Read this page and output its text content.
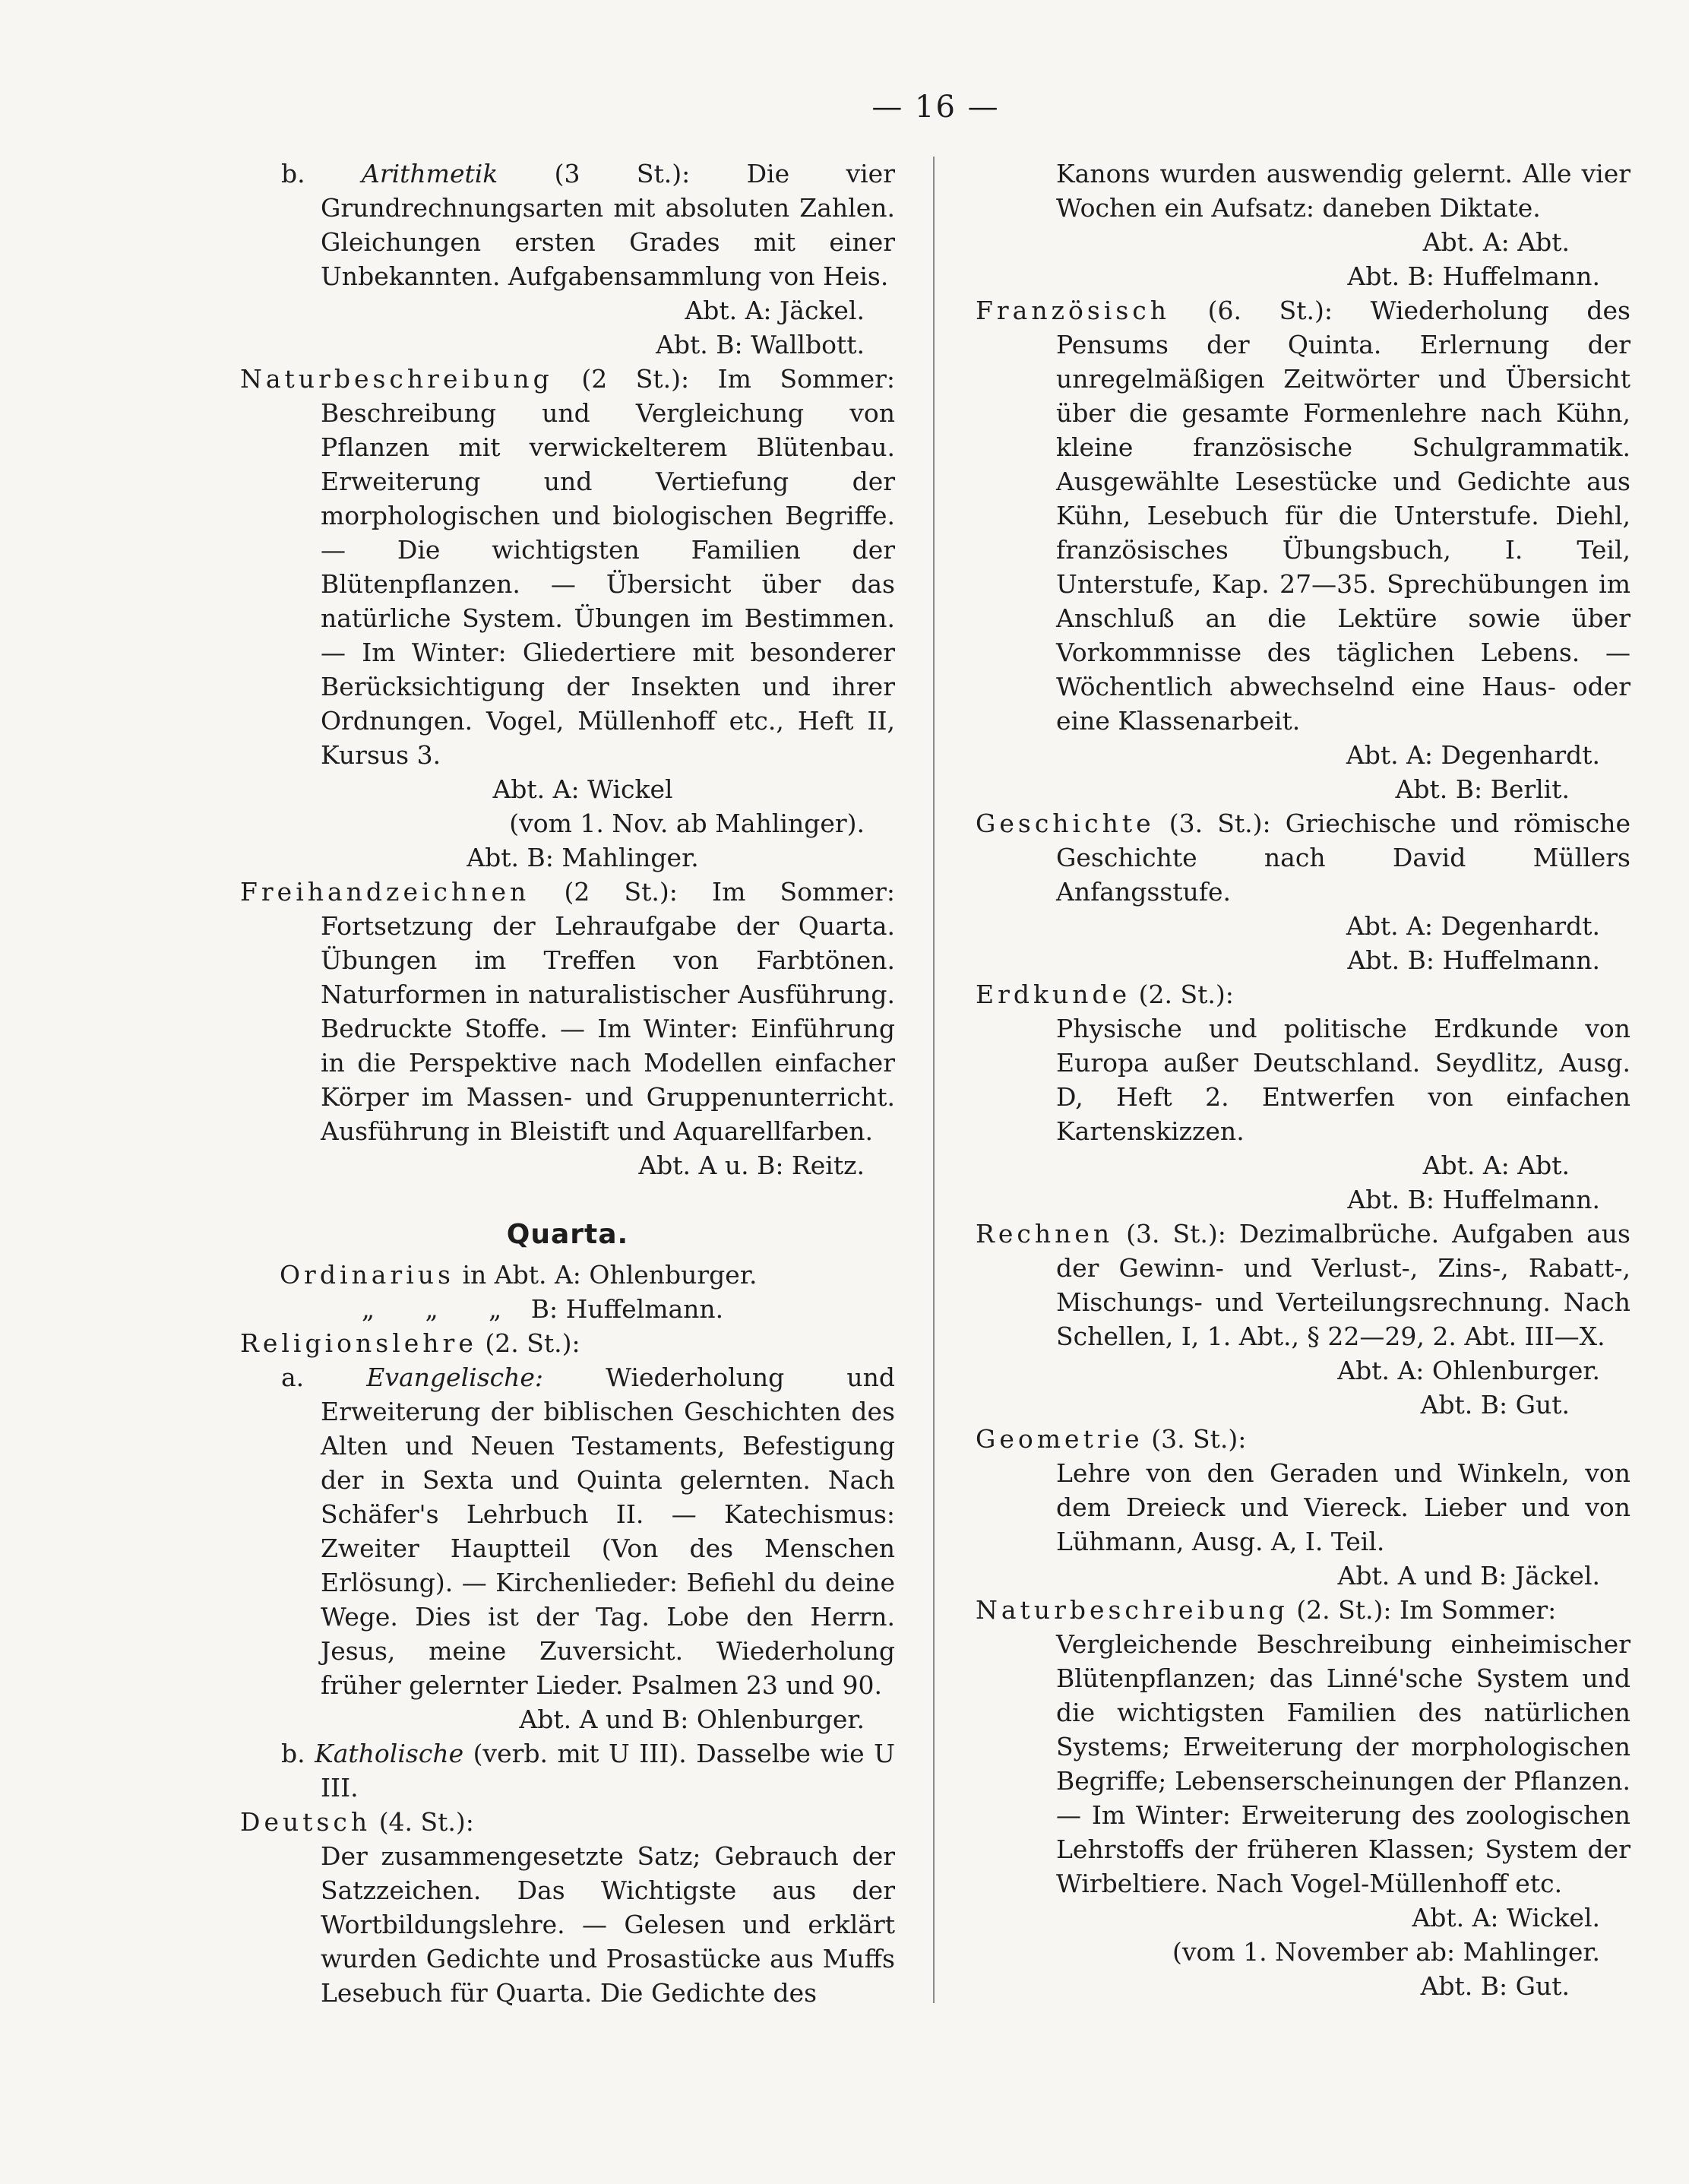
— 16 —

b. Arithmetik (3 St.): Die vier Grundrechnungsarten mit absoluten Zahlen. Gleichungen ersten Grades mit einer Unbekannten. Aufgabensammlung von Heis.

Abt. A: Jäckel.
Abt. B: Wallbott.

Naturbeschreibung (2 St.): Im Sommer: Beschreibung und Vergleichung von Pflanzen mit verwickelterem Blütenbau. Erweiterung und Vertiefung der morphologischen und biologischen Begriffe. — Die wichtigsten Familien der Blütenpflanzen. — Übersicht über das natürliche System. Übungen im Bestimmen. — Im Winter: Gliedertiere mit besonderer Berücksichtigung der Insekten und ihrer Ordnungen. Vogel, Müllenhoff etc., Heft II, Kursus 3.

Abt. A: Wickel
(vom 1. Nov. ab Mahlinger).
Abt. B: Mahlinger.

Freihandzeichnen (2 St.): Im Sommer: Fortsetzung der Lehraufgabe der Quarta. Übungen im Treffen von Farbtönen. Naturformen in naturalistischer Ausführung. Bedruckte Stoffe. — Im Winter: Einführung in die Perspektive nach Modellen einfacher Körper im Massen- und Gruppenunterricht. Ausführung in Bleistift und Aquarellfarben.

Abt. A u. B: Reitz.
Quarta.
Ordinarius in Abt. A: Ohlenburger.
„ „ „ B: Huffelmann.
Religionslehre (2. St.):

a. Evangelische: Wiederholung und Erweiterung der biblischen Geschichten des Alten und Neuen Testaments, Befestigung der in Sexta und Quinta gelernten. Nach Schäfer's Lehrbuch II. — Katechismus: Zweiter Hauptteil (Von des Menschen Erlösung). — Kirchenlieder: Befiehl du deine Wege. Dies ist der Tag. Lobe den Herrn. Jesus, meine Zuversicht. Wiederholung früher gelernter Lieder. Psalmen 23 und 90.

Abt. A und B: Ohlenburger.

b. Katholische (verb. mit U III). Dasselbe wie U III.

Deutsch (4. St.):

Der zusammengesetzte Satz; Gebrauch der Satzzeichen. Das Wichtigste aus der Wortbildungslehre. — Gelesen und erklärt wurden Gedichte und Prosastücke aus Muffs Lesebuch für Quarta. Die Gedichte des

Kanons wurden auswendig gelernt. Alle vier Wochen ein Aufsatz: daneben Diktate.

Abt. A: Abt.
Abt. B: Huffelmann.

Französisch (6. St.): Wiederholung des Pensums der Quinta. Erlernung der unregelmäßigen Zeitwörter und Übersicht über die gesamte Formenlehre nach Kühn, kleine französische Schulgrammatik. Ausgewählte Lesestücke und Gedichte aus Kühn, Lesebuch für die Unterstufe. Diehl, französisches Übungsbuch, I. Teil, Unterstufe, Kap. 27—35. Sprechübungen im Anschluß an die Lektüre sowie über Vorkommnisse des täglichen Lebens. — Wöchentlich abwechselnd eine Haus- oder eine Klassenarbeit.

Abt. A: Degenhardt.
Abt. B: Berlit.

Geschichte (3. St.): Griechische und römische Geschichte nach David Müllers Anfangsstufe.

Abt. A: Degenhardt.
Abt. B: Huffelmann.
Erdkunde (2. St.):

Physische und politische Erdkunde von Europa außer Deutschland. Seydlitz, Ausg. D, Heft 2. Entwerfen von einfachen Kartenskizzen.

Abt. A: Abt.
Abt. B: Huffelmann.

Rechnen (3. St.): Dezimalbrüche. Aufgaben aus der Gewinn- und Verlust-, Zins-, Rabatt-, Mischungs- und Verteilungsrechnung. Nach Schellen, I, 1. Abt., § 22—29, 2. Abt. III—X.

Abt. A: Ohlenburger.
Abt. B: Gut.
Geometrie (3. St.):

Lehre von den Geraden und Winkeln, von dem Dreieck und Viereck. Lieber und von Lühmann, Ausg. A, I. Teil.

Abt. A und B: Jäckel.
Naturbeschreibung (2. St.): Im Sommer:

Vergleichende Beschreibung einheimischer Blütenpflanzen; das Linné'sche System und die wichtigsten Familien des natürlichen Systems; Erweiterung der morphologischen Begriffe; Lebenserscheinungen der Pflanzen. — Im Winter: Erweiterung des zoologischen Lehrstoffs der früheren Klassen; System der Wirbeltiere. Nach Vogel-Müllenhoff etc.

Abt. A: Wickel.
(vom 1. November ab: Mahlinger.
Abt. B: Gut.
